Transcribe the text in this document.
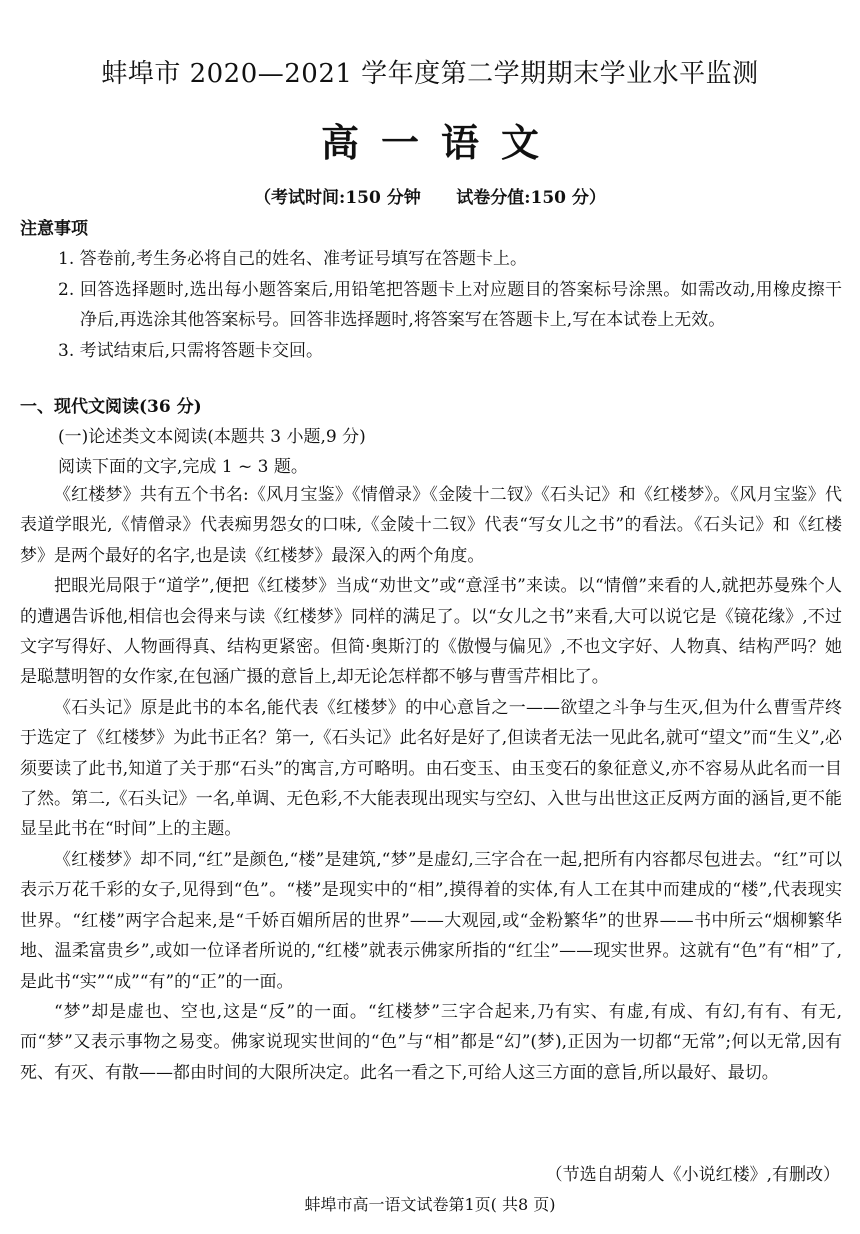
蚌埠市 2020—2021 学年度第二学期期末学业水平监测
高一语文
（考试时间:150 分钟      试卷分值:150 分）
注意事项
1. 答卷前,考生务必将自己的姓名、准考证号填写在答题卡上。
2. 回答选择题时,选出每小题答案后,用铅笔把答题卡上对应题目的答案标号涂黑。如需改动,用橡皮擦干净后,再选涂其他答案标号。回答非选择题时,将答案写在答题卡上,写在本试卷上无效。
3. 考试结束后,只需将答题卡交回。
一、现代文阅读(36 分)
(一)论述类文本阅读(本题共 3 小题,9 分)
阅读下面的文字,完成 1 ~ 3 题。

《红楼梦》共有五个书名:《风月宝鉴》《情僧录》《金陵十二钗》《石头记》和《红楼梦》。《风月宝鉴》代表道学眼光,《情僧录》代表痴男怨女的口味,《金陵十二钗》代表“写女儿之书”的看法。《石头记》和《红楼梦》是两个最好的名字,也是读《红楼梦》最深入的两个角度。

把眼光局限于“道学”,便把《红楼梦》当成“劝世文”或“意淫书”来读。以“情僧”来看的人,就把苏曼殊个人的遭遇告诉他,相信也会得来与读《红楼梦》同样的满足了。以“女儿之书”来看,大可以说它是《镜花缘》,不过文字写得好、人物画得真、结构更紧密。但简·奥斯汀的《傲慢与偏见》,不也文字好、人物真、结构严吗？她是聪慧明智的女作家,在包涵广摄的意旨上,却无论怎样都不够与曹雪芹相比了。

《石头记》原是此书的本名,能代表《红楼梦》的中心意旨之一——欲望之斗争与生灭,但为什么曹雪芹终于选定了《红楼梦》为此书正名？第一,《石头记》此名好是好了,但读者无法一见此名,就可“望文”而“生义”,必须要读了此书,知道了关于那“石头”的寓言,方可略明。由石变玉、由玉变石的象征意义,亦不容易从此名而一目了然。第二,《石头记》一名,单调、无色彩,不大能表现出现实与空幻、入世与出世这正反两方面的涵旨,更不能显呈此书在“时间”上的主题。

《红楼梦》却不同,“红”是颜色,“楼”是建筑,“梦”是虚幻,三字合在一起,把所有内容都尽包进去。“红”可以表示万花千彩的女子,见得到“色”。“楼”是现实中的“相”,摸得着的实体,有人工在其中而建成的“楼”,代表现实世界。“红楼”两字合起来,是“千娇百媚所居的世界”——大观园,或“金粉繁华”的世界——书中所云“烟柳繁华地、温柔富贵乡”,或如一位译者所说的,“红楼”就表示佛家所指的“红尘”——现实世界。这就有“色”有“相”了,是此书“实”“成”“有”的“正”的一面。

“梦”却是虚也、空也,这是“反”的一面。“红楼梦”三字合起来,乃有实、有虚,有成、有幻,有有、有无,而“梦”又表示事物之易变。佛家说现实世间的“色”与“相”都是“幻”(梦),正因为一切都“无常”;何以无常,因有死、有灭、有散——都由时间的大限所决定。此名一看之下,可给人这三方面的意旨,所以最好、最切。

（节选自胡菊人《小说红楼》,有删改）
蚌埠市高一语文试卷第1页( 共8 页)
